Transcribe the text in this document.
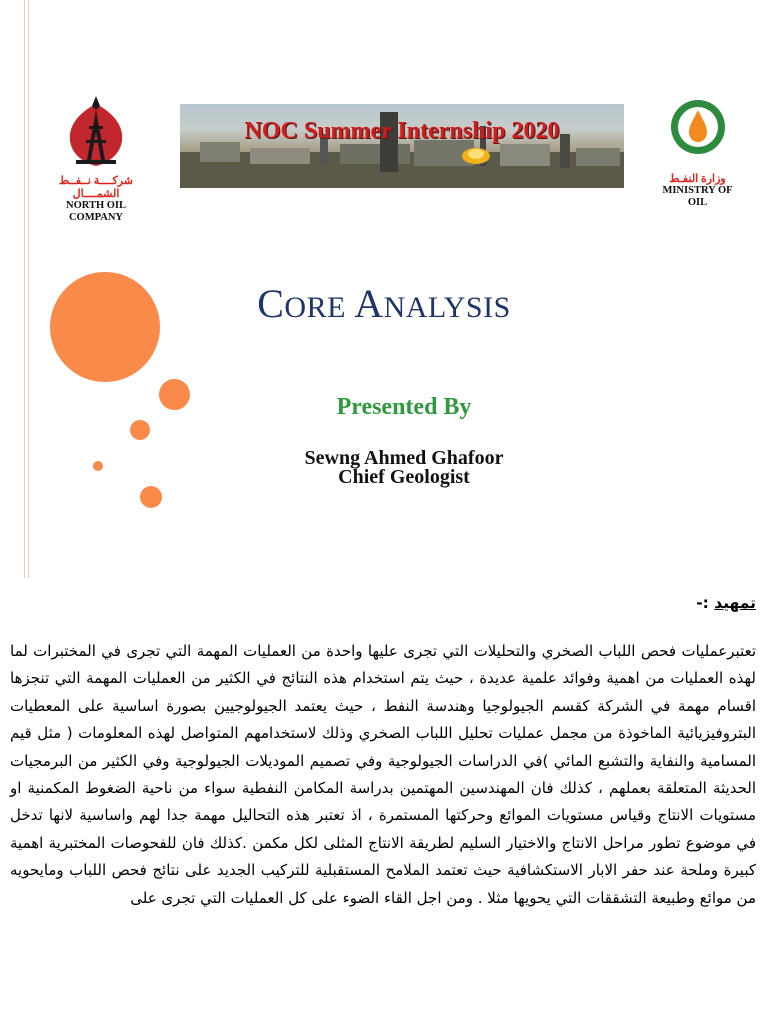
شركــــة نــفــط الشمــــال
NORTH OIL
COMPANY
NOC Summer Internship 2020
وزارة النفـط
MINISTRY OF
OIL
CORE ANALYSIS
Presented By
Sewng Ahmed Ghafoor
Chief Geologist
تمهيد :-
تعتبرعمليات فحص اللباب الصخري والتحليلات التي تجرى عليها واحدة من العمليات المهمة التي تجرى في المختبرات لما لهذه العمليات من اهمية وفوائد علمية عديدة ، حيث يتم استخدام هذه النتائج في الكثير من العمليات المهمة التي تنجزها اقسام مهمة في الشركة كقسم الجيولوجيا وهندسة النفط ، حيث يعتمد الجيولوجيين بصورة اساسية على المعطيات البتروفيزيائية الماخوذة من مجمل عمليات تحليل اللباب الصخري وذلك لاستخدامهم المتواصل لهذه المعلومات ( مثل قيم المسامية والنفاية والتشبع المائي )في الدراسات الجيولوجية وفي تصميم الموديلات الجيولوجية وفي الكثير من البرمجيات الحديثة المتعلقة بعملهم ، كذلك فان المهندسين المهتمين بدراسة المكامن النفطية سواء من ناحية الضغوط المكمنية او مستويات الانتاج وقياس مستويات الموائع وحركتها المستمرة ، اذ تعتبر هذه التحاليل مهمة جدا لهم واساسية لانها تدخل في موضوع تطور مراحل الانتاج والاختيار السليم لطريقة الانتاج المثلى لكل مكمن .كذلك فان للفحوصات المختبرية اهمية كبيرة وملحة عند حفر الابار الاستكشافية حيث تعتمد الملامح المستقبلية للتركيب الجديد على نتائج فحص اللباب ومايحويه من موائع وطبيعة التشققات التي يحويها مثلا . ومن اجل القاء الضوء على كل العمليات التي تجرى على
